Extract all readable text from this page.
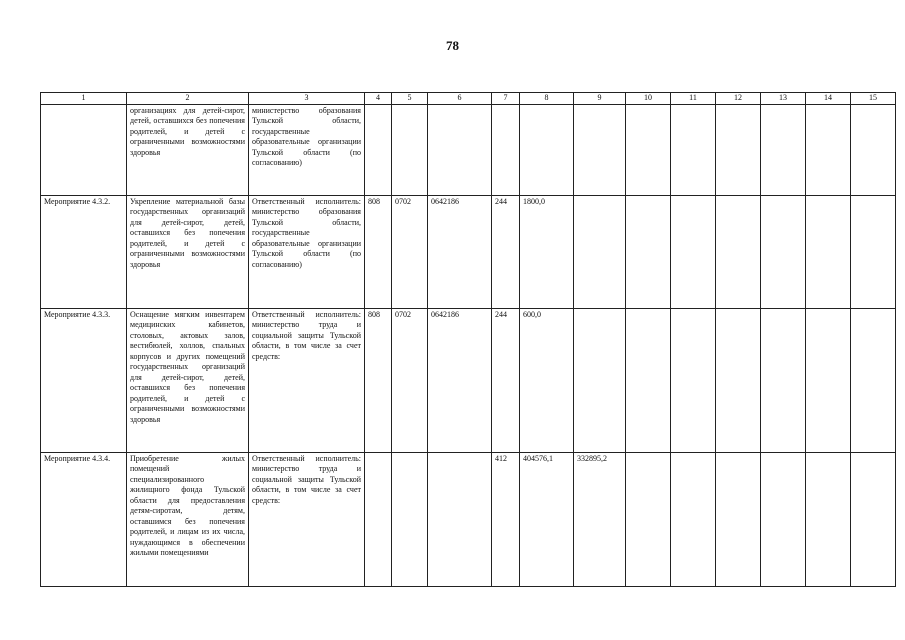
78
1	2	3	4	5	6	7	8	9	10	11	12	13	14	15
	организациях для детей-сирот, детей, оставшихся без попечения родителей, и детей с ограниченными возможностями здоровья	министерство образования Тульской области, государственные образовательные организации Тульской области (по согласованию)												
Мероприятие 4.3.2.	Укрепление материальной базы государственных организаций для детей-сирот, детей, оставшихся без попечения родителей, и детей с ограниченными возможностями здоровья	Ответственный исполнитель: министерство образования Тульской области, государственные образовательные организации Тульской области (по согласованию)	808	0702	0642186	244	1800,0							
Мероприятие 4.3.3.	Оснащение мягким инвентарем медицинских кабинетов, столовых, актовых залов, вестибюлей, холлов, спальных корпусов и других помещений государственных организаций для детей-сирот, детей, оставшихся без попечения родителей, и детей с ограниченными возможностями здоровья	Ответственный исполнитель: министерство труда и социальной защиты Тульской области, в том числе за счет средств:	808	0702	0642186	244	600,0							
Мероприятие 4.3.4.	Приобретение жилых помещений специализированного жилищного фонда Тульской области для предоставления детям-сиротам, детям, оставшимся без попечения родителей, и лицам из их числа, нуждающимся в обеспечении жилыми помещениями	Ответственный исполнитель: министерство труда и социальной защиты Тульской области, в том числе за счет средств:				412	404576,1	332895,2						
